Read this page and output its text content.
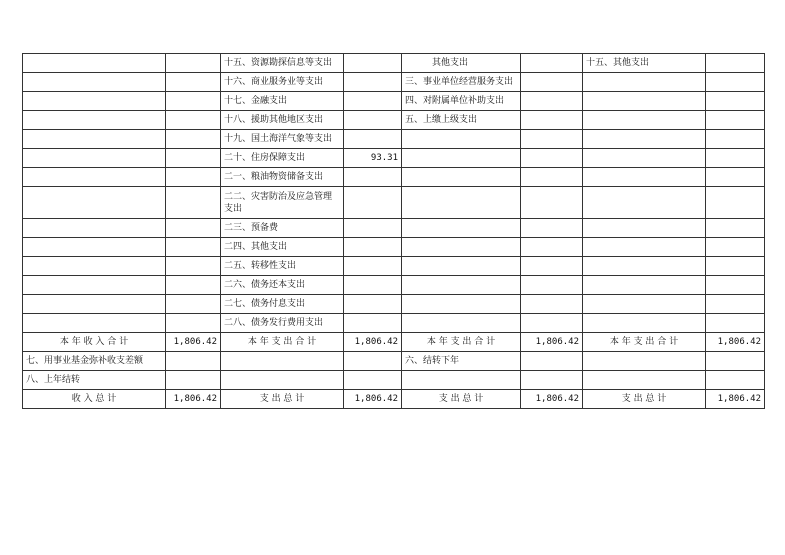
		十五、资源勘探信息等支出		其他支出		十五、其他支出	
		十六、商业服务业等支出		三、事业单位经营服务支出			
		十七、金融支出		四、对附属单位补助支出			
		十八、援助其他地区支出		五、上缴上级支出			
		十九、国土海洋气象等支出					
		二十、住房保障支出	93.31				
		二一、粮油物资储备支出					
		二二、灾害防治及应急管理支出					
		二三、预备费					
		二四、其他支出					
		二五、转移性支出					
		二六、债务还本支出					
		二七、债务付息支出					
		二八、债务发行费用支出					
本 年 收 入 合 计	1,806.42	本 年 支 出 合 计	1,806.42	本 年 支 出 合 计	1,806.42	本 年 支 出 合 计	1,806.42
七、用事业基金弥补收支差额				六、结转下年			
八、上年结转							
收 入 总 计	1,806.42	支 出 总 计	1,806.42	支 出 总 计	1,806.42	支 出 总 计	1,806.42
